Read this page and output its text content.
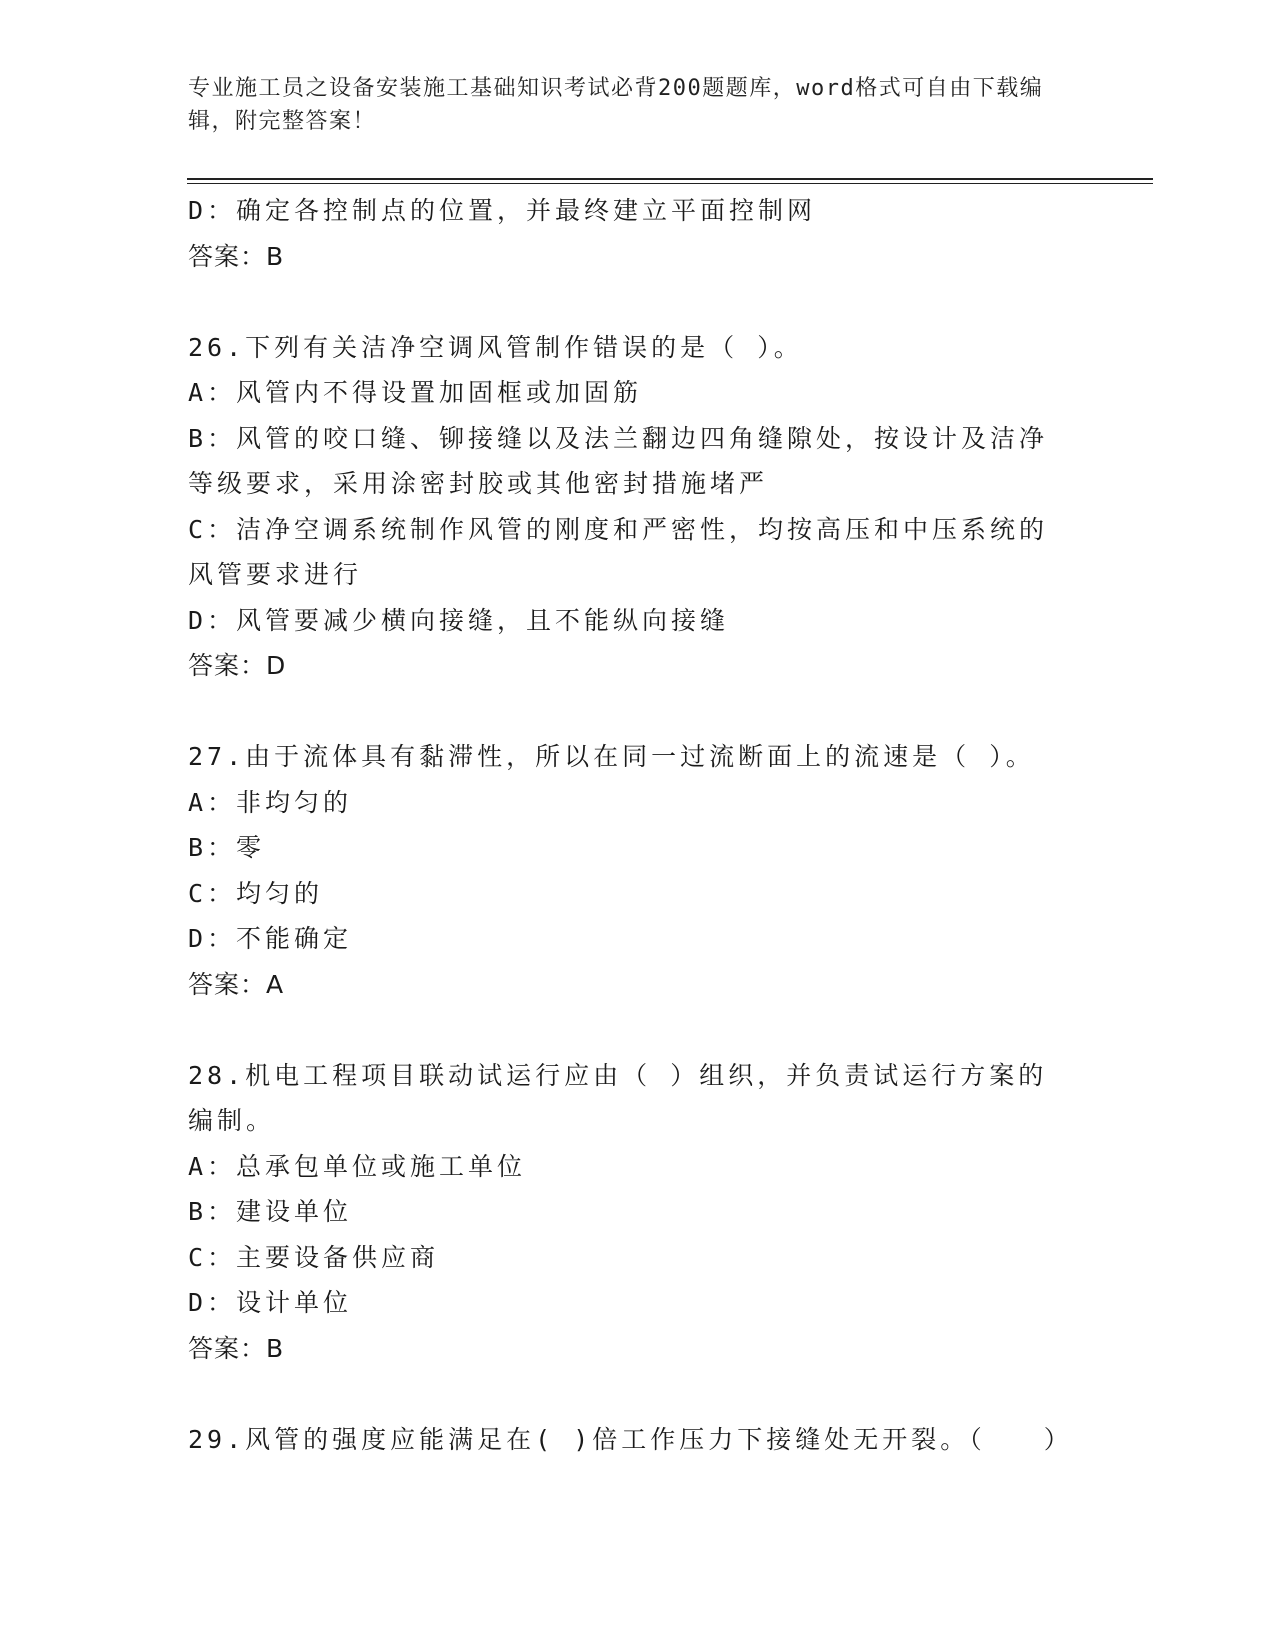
专业施工员之设备安装施工基础知识考试必背200题题库，word格式可自由下载编辑，附完整答案！
D：确定各控制点的位置，并最终建立平面控制网
答案：B
26.下列有关洁净空调风管制作错误的是（ ）。
A：风管内不得设置加固框或加固筋
B：风管的咬口缝、铆接缝以及法兰翻边四角缝隙处，按设计及洁净等级要求，采用涂密封胶或其他密封措施堵严
C：洁净空调系统制作风管的刚度和严密性，均按高压和中压系统的风管要求进行
D：风管要减少横向接缝，且不能纵向接缝
答案：D
27.由于流体具有黏滞性，所以在同一过流断面上的流速是（ ）。
A：非均匀的
B：零
C：均匀的
D：不能确定
答案：A
28.机电工程项目联动试运行应由（ ）组织，并负责试运行方案的编制。
A：总承包单位或施工单位
B：建设单位
C：主要设备供应商
D：设计单位
答案：B
29.风管的强度应能满足在( )倍工作压力下接缝处无开裂。（　　）
